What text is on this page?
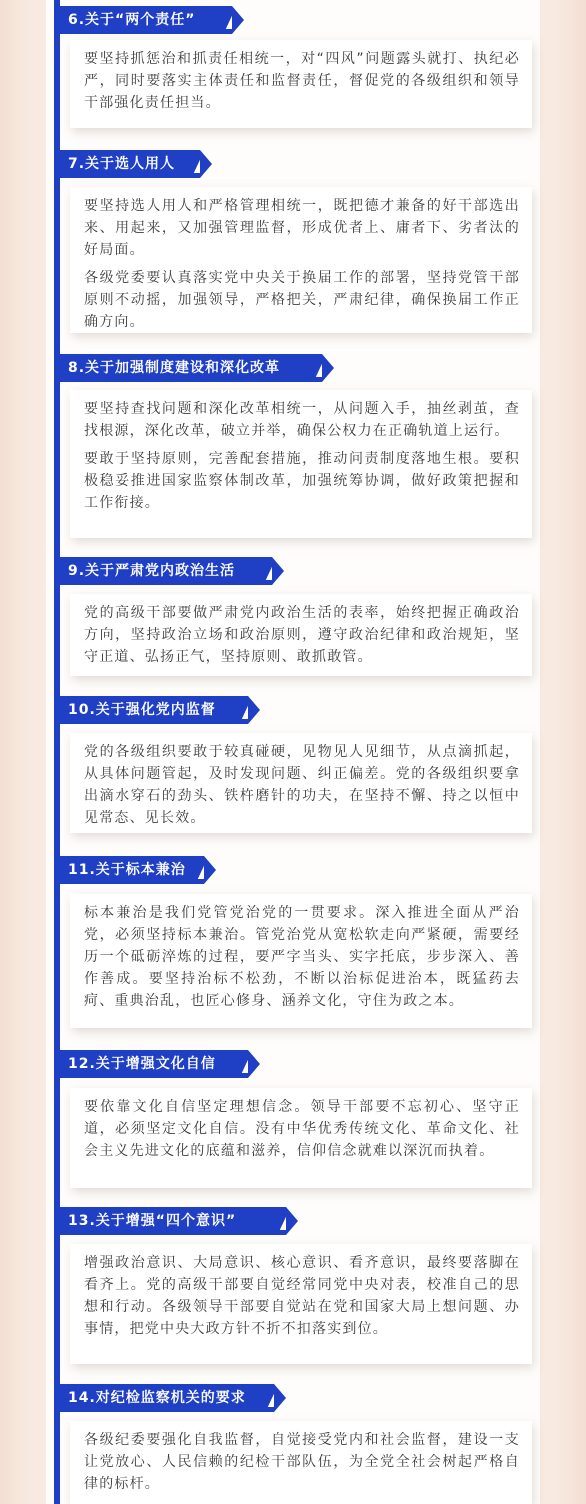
6.关于“两个责任”

要坚持抓惩治和抓责任相统一，对“四风”问题露头就打、执纪必严，同时要落实主体责任和监督责任，督促党的各级组织和领导干部强化责任担当。

7.关于选人用人

要坚持选人用人和严格管理相统一，既把德才兼备的好干部选出来、用起来，又加强管理监督，形成优者上、庸者下、劣者汰的好局面。

各级党委要认真落实党中央关于换届工作的部署，坚持党管干部原则不动摇，加强领导，严格把关，严肃纪律，确保换届工作正确方向。

8.关于加强制度建设和深化改革

要坚持查找问题和深化改革相统一，从问题入手，抽丝剥茧，查找根源，深化改革，破立并举，确保公权力在正确轨道上运行。

要敢于坚持原则，完善配套措施，推动问责制度落地生根。要积极稳妥推进国家监察体制改革，加强统筹协调，做好政策把握和工作衔接。

9.关于严肃党内政治生活

党的高级干部要做严肃党内政治生活的表率，始终把握正确政治方向，坚持政治立场和政治原则，遵守政治纪律和政治规矩，坚守正道、弘扬正气，坚持原则、敢抓敢管。

10.关于强化党内监督

党的各级组织要敢于较真碰硬，见物见人见细节，从点滴抓起，从具体问题管起，及时发现问题、纠正偏差。党的各级组织要拿出滴水穿石的劲头、铁杵磨针的功夫，在坚持不懈、持之以恒中见常态、见长效。

11.关于标本兼治

标本兼治是我们党管党治党的一贯要求。深入推进全面从严治党，必须坚持标本兼治。管党治党从宽松软走向严紧硬，需要经历一个砥砺淬炼的过程，要严字当头、实字托底，步步深入、善作善成。要坚持治标不松劲，不断以治标促进治本，既猛药去疴、重典治乱，也匠心修身、涵养文化，守住为政之本。

12.关于增强文化自信

要依靠文化自信坚定理想信念。领导干部要不忘初心、坚守正道，必须坚定文化自信。没有中华优秀传统文化、革命文化、社会主义先进文化的底蕴和滋养，信仰信念就难以深沉而执着。

13.关于增强“四个意识”

增强政治意识、大局意识、核心意识、看齐意识，最终要落脚在看齐上。党的高级干部要自觉经常同党中央对表，校准自己的思想和行动。各级领导干部要自觉站在党和国家大局上想问题、办事情，把党中央大政方针不折不扣落实到位。

14.对纪检监察机关的要求

各级纪委要强化自我监督，自觉接受党内和社会监督，建设一支让党放心、人民信赖的纪检干部队伍，为全党全社会树起严格自律的标杆。
